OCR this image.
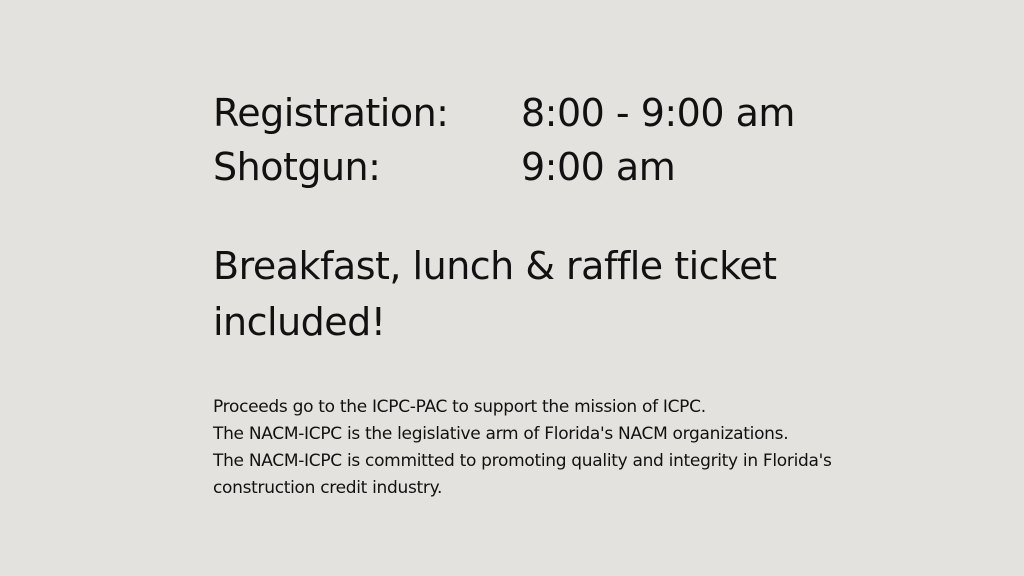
Registration: 8:00 - 9:00 am
Shotgun:	9:00 am
Breakfast, lunch & raffle ticket
included!
Proceeds go to the ICPC-PAC to support the mission of ICPC.
The NACM-ICPC is the legislative arm of Florida's NACM organizations.
The NACM-ICPC is committed to promoting quality and integrity in Florida's
construction credit industry.
